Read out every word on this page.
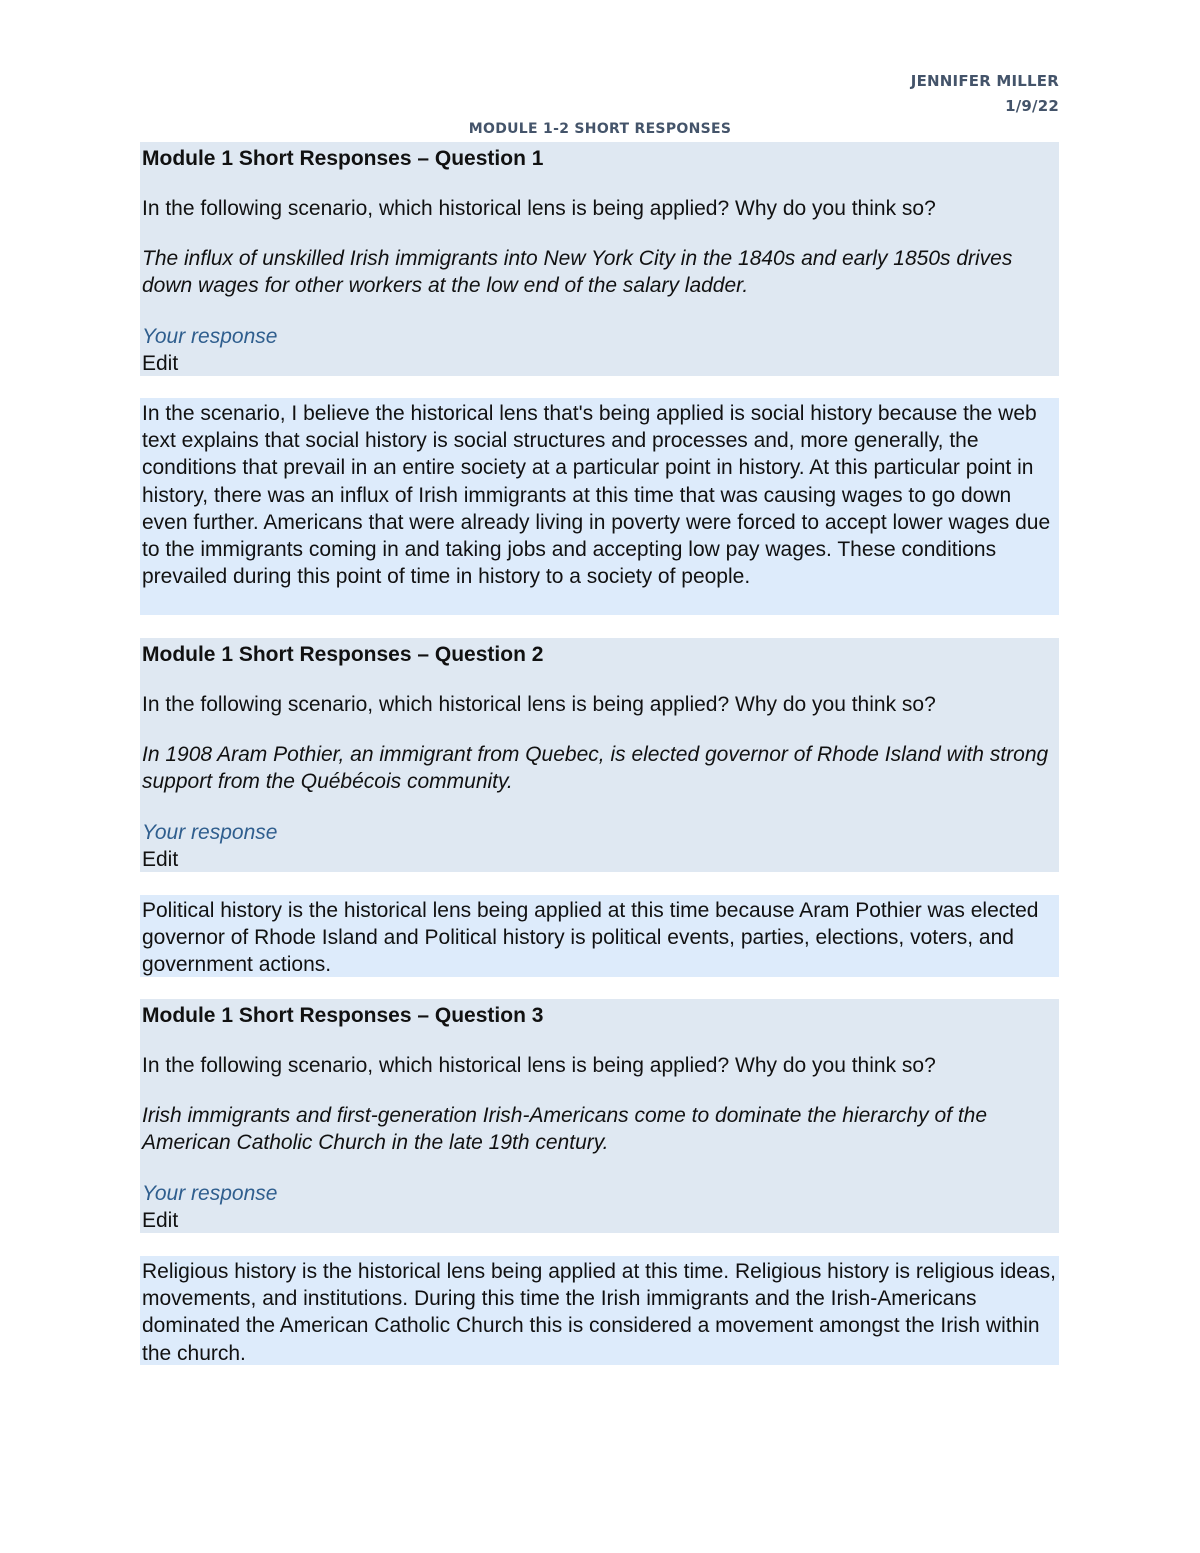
JENNIFER MILLER
1/9/22
MODULE 1-2 SHORT RESPONSES
Module 1 Short Responses – Question 1
In the following scenario, which historical lens is being applied? Why do you think so?
The influx of unskilled Irish immigrants into New York City in the 1840s and early 1850s drives down wages for other workers at the low end of the salary ladder.
Your response
Edit
In the scenario, I believe the historical lens that's being applied is social history because the web text explains that social history is social structures and processes and, more generally, the conditions that prevail in an entire society at a particular point in history. At this particular point in history, there was an influx of Irish immigrants at this time that was causing wages to go down even further. Americans that were already living in poverty were forced to accept lower wages due to the immigrants coming in and taking jobs and accepting low pay wages. These conditions prevailed during this point of time in history to a society of people.
Module 1 Short Responses – Question 2
In the following scenario, which historical lens is being applied? Why do you think so?
In 1908 Aram Pothier, an immigrant from Quebec, is elected governor of Rhode Island with strong support from the Québécois community.
Your response
Edit
Political history is the historical lens being applied at this time because Aram Pothier was elected governor of Rhode Island and Political history is political events, parties, elections, voters, and government actions.
Module 1 Short Responses – Question 3
In the following scenario, which historical lens is being applied? Why do you think so?
Irish immigrants and first-generation Irish-Americans come to dominate the hierarchy of the American Catholic Church in the late 19th century.
Your response
Edit
Religious history is the historical lens being applied at this time. Religious history is religious ideas, movements, and institutions. During this time the Irish immigrants and the Irish-Americans dominated the American Catholic Church this is considered a movement amongst the Irish within the church.
